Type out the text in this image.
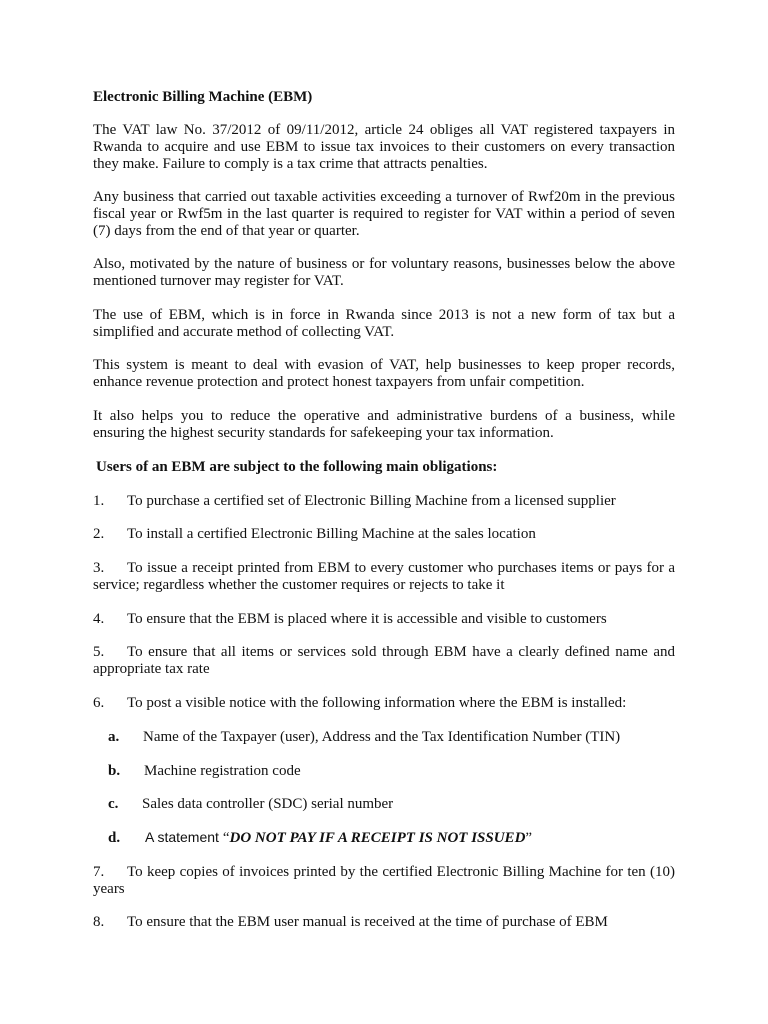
Electronic Billing Machine (EBM)

The VAT law No. 37/2012 of 09/11/2012, article 24 obliges all VAT registered taxpayers in Rwanda to acquire and use EBM to issue tax invoices to their customers on every transaction they make. Failure to comply is a tax crime that attracts penalties.

Any business that carried out taxable activities exceeding a turnover of Rwf20m in the previous fiscal year or Rwf5m in the last quarter is required to register for VAT within a period of seven (7) days from the end of that year or quarter.

Also, motivated by the nature of business or for voluntary reasons, businesses below the above mentioned turnover may register for VAT.

The use of EBM, which is in force in Rwanda since 2013 is not a new form of tax but a simplified and accurate method of collecting VAT.

This system is meant to deal with evasion of VAT, help businesses to keep proper records, enhance revenue protection and protect honest taxpayers from unfair competition.

It also helps you to reduce the operative and administrative burdens of a business, while ensuring the highest security standards for safekeeping your tax information.

Users of an EBM are subject to the following main obligations:

1. To purchase a certified set of Electronic Billing Machine from a licensed supplier

2. To install a certified Electronic Billing Machine at the sales location

3. To issue a receipt printed from EBM to every customer who purchases items or pays for a service; regardless whether the customer requires or rejects to take it

4. To ensure that the EBM is placed where it is accessible and visible to customers

5. To ensure that all items or services sold through EBM have a clearly defined name and appropriate tax rate

6. To post a visible notice with the following information where the EBM is installed:

a. Name of the Taxpayer (user), Address and the Tax Identification Number (TIN)

b. Machine registration code

c. Sales data controller (SDC) serial number

d. A statement “DO NOT PAY IF A RECEIPT IS NOT ISSUED”

7. To keep copies of invoices printed by the certified Electronic Billing Machine for ten (10) years

8. To ensure that the EBM user manual is received at the time of purchase of EBM
